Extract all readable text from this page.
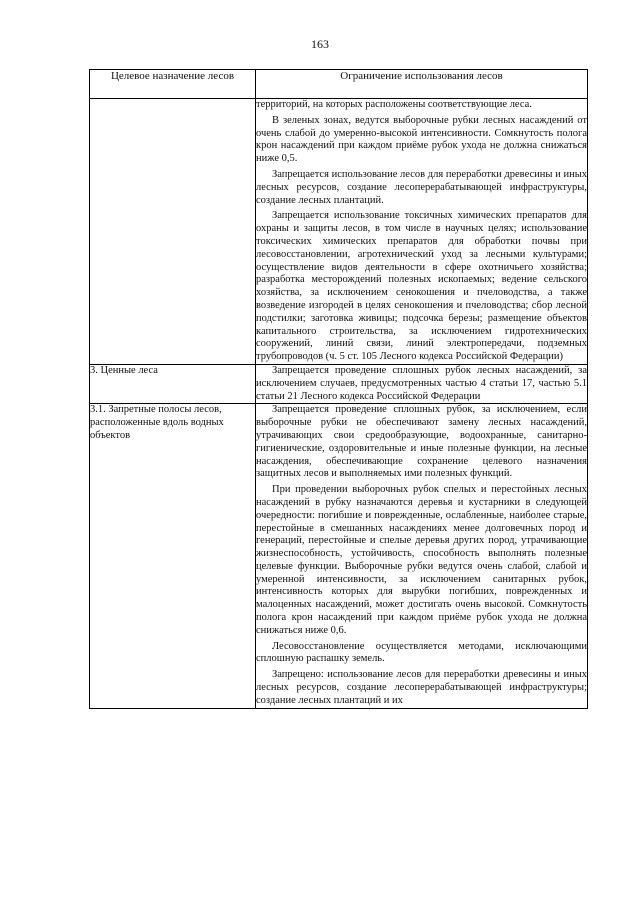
163
Целевое назначение лесов	Ограничение использования лесов

	территорий, на которых расположены соответствующие леса.

В зеленых зонах, ведутся выборочные рубки лесных насаждений от очень слабой до умеренно-высокой интенсивности. Сомкнутость полога крон насаждений при каждом приёме рубок ухода не должна снижаться ниже 0,5.

Запрещается использование лесов для переработки древесины и иных лесных ресурсов, создание лесоперерабатывающей инфраструктуры, создание лесных плантаций.

Запрещается использование токсичных химических препаратов для охраны и защиты лесов, в том числе в научных целях; использование токсических химических препаратов для обработки почвы при лесовосстановлении, агротехнический уход за лесными культурами; осуществление видов деятельности в сфере охотничьего хозяйства; разработка месторождений полезных ископаемых; ведение сельского хозяйства, за исключением сенокошения и пчеловодства, а также возведение изгородей в целях сенокошения и пчеловодства; сбор лесной подстилки; заготовка живицы; подсочка березы; размещение объектов капитального строительства, за исключением гидротехнических сооружений, линий связи, линий электропередачи, подземных трубопроводов (ч. 5 ст. 105 Лесного кодекса Российской Федерации)

3. Ценные леса	Запрещается проведение сплошных рубок лесных насаждений, за исключением случаев, предусмотренных частью 4 статьи 17, частью 5.1 статьи 21 Лесного кодекса Российской Федерации

3.1. Запретные полосы лесов, расположенные вдоль водных объектов	Запрещается проведение сплошных рубок, за исключением, если выборочные рубки не обеспечивают замену лесных насаждений, утрачивающих свои средообразующие, водоохранные, санитарно-гигиенические, оздоровительные и иные полезные функции, на лесные насаждения, обеспечивающие сохранение целевого назначения защитных лесов и выполняемых ими полезных функций.

При проведении выборочных рубок спелых и перестойных лесных насаждений в рубку назначаются деревья и кустарники в следующей очередности: погибшие и поврежденные, ослабленные, наиболее старые, перестойные в смешанных насаждениях менее долговечных пород и генераций, перестойные и спелые деревья других пород, утрачивающие жизнеспособность, устойчивость, способность выполнять полезные целевые функции. Выборочные рубки ведутся очень слабой, слабой и умеренной интенсивности, за исключением санитарных рубок, интенсивность которых для вырубки погибших, поврежденных и малоценных насаждений, может достигать очень высокой. Сомкнутость полога крон насаждений при каждом приёме рубок ухода не должна снижаться ниже 0,6.

Лесовосстановление осуществляется методами, исключающими сплошную распашку земель.

Запрещено: использование лесов для переработки древесины и иных лесных ресурсов, создание лесоперерабатывающей инфраструктуры; создание лесных плантаций и их
